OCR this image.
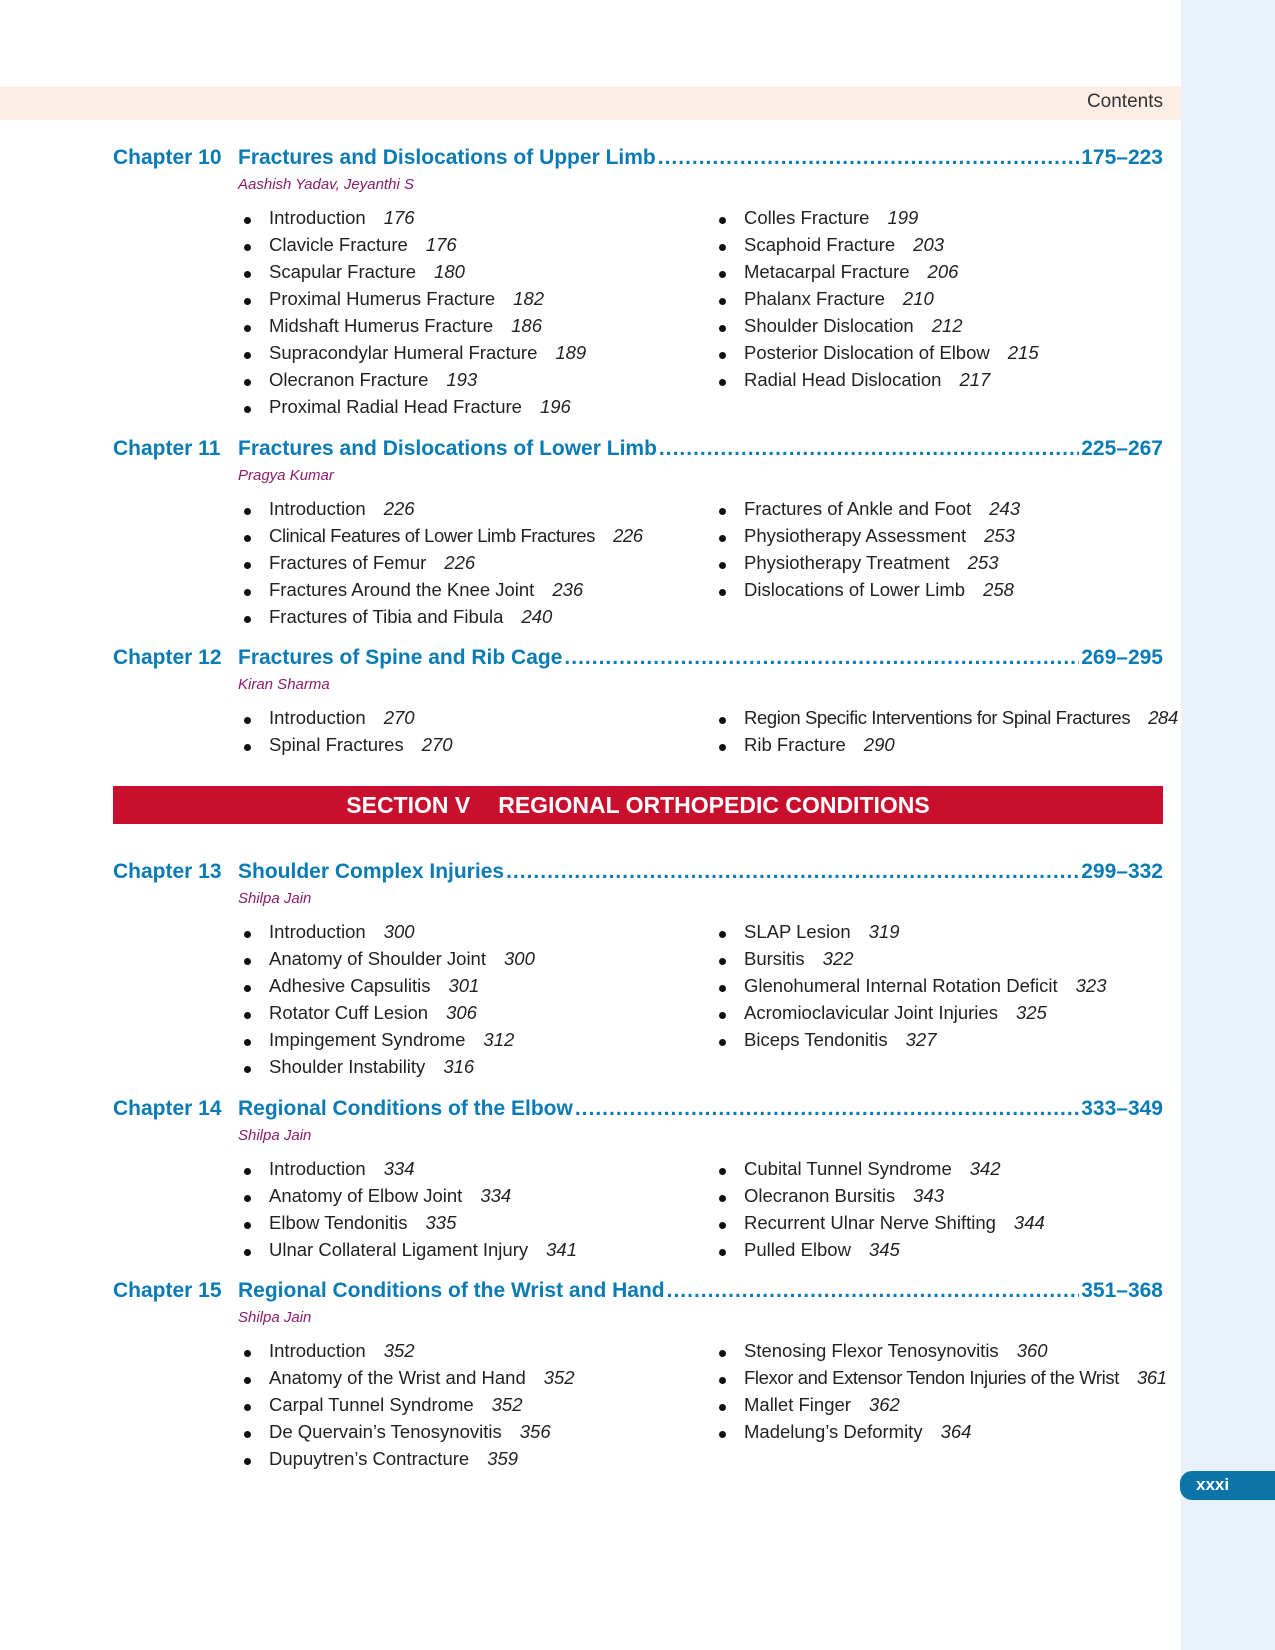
Contents
Chapter 10 Fractures and Dislocations of Upper Limb .....	175–223
Aashish Yadav, Jeyanthi S
Introduction 176
Clavicle Fracture 176
Scapular Fracture 180
Proximal Humerus Fracture 182
Midshaft Humerus Fracture 186
Supracondylar Humeral Fracture 189
Olecranon Fracture 193
Proximal Radial Head Fracture 196
Colles Fracture 199
Scaphoid Fracture 203
Metacarpal Fracture 206
Phalanx Fracture 210
Shoulder Dislocation 212
Posterior Dislocation of Elbow 215
Radial Head Dislocation 217
Chapter 11 Fractures and Dislocations of Lower Limb .....	225–267
Pragya Kumar
Introduction 226
Clinical Features of Lower Limb Fractures 226
Fractures of Femur 226
Fractures Around the Knee Joint 236
Fractures of Tibia and Fibula 240
Fractures of Ankle and Foot 243
Physiotherapy Assessment 253
Physiotherapy Treatment 253
Dislocations of Lower Limb 258
Chapter 12 Fractures of Spine and Rib Cage .....	269–295
Kiran Sharma
Introduction 270
Spinal Fractures 270
Region Specific Interventions for Spinal Fractures 284
Rib Fracture 290
SECTION V REGIONAL ORTHOPEDIC CONDITIONS
Chapter 13 Shoulder Complex Injuries .....	299–332
Shilpa Jain
Introduction 300
Anatomy of Shoulder Joint 300
Adhesive Capsulitis 301
Rotator Cuff Lesion 306
Impingement Syndrome 312
Shoulder Instability 316
SLAP Lesion 319
Bursitis 322
Glenohumeral Internal Rotation Deficit 323
Acromioclavicular Joint Injuries 325
Biceps Tendonitis 327
Chapter 14 Regional Conditions of the Elbow .....	333–349
Shilpa Jain
Introduction 334
Anatomy of Elbow Joint 334
Elbow Tendonitis 335
Ulnar Collateral Ligament Injury 341
Cubital Tunnel Syndrome 342
Olecranon Bursitis 343
Recurrent Ulnar Nerve Shifting 344
Pulled Elbow 345
Chapter 15 Regional Conditions of the Wrist and Hand .....	351–368
Shilpa Jain
Introduction 352
Anatomy of the Wrist and Hand 352
Carpal Tunnel Syndrome 352
De Quervain’s Tenosynovitis 356
Dupuytren’s Contracture 359
Stenosing Flexor Tenosynovitis 360
Flexor and Extensor Tendon Injuries of the Wrist 361
Mallet Finger 362
Madelung’s Deformity 364
xxxi
